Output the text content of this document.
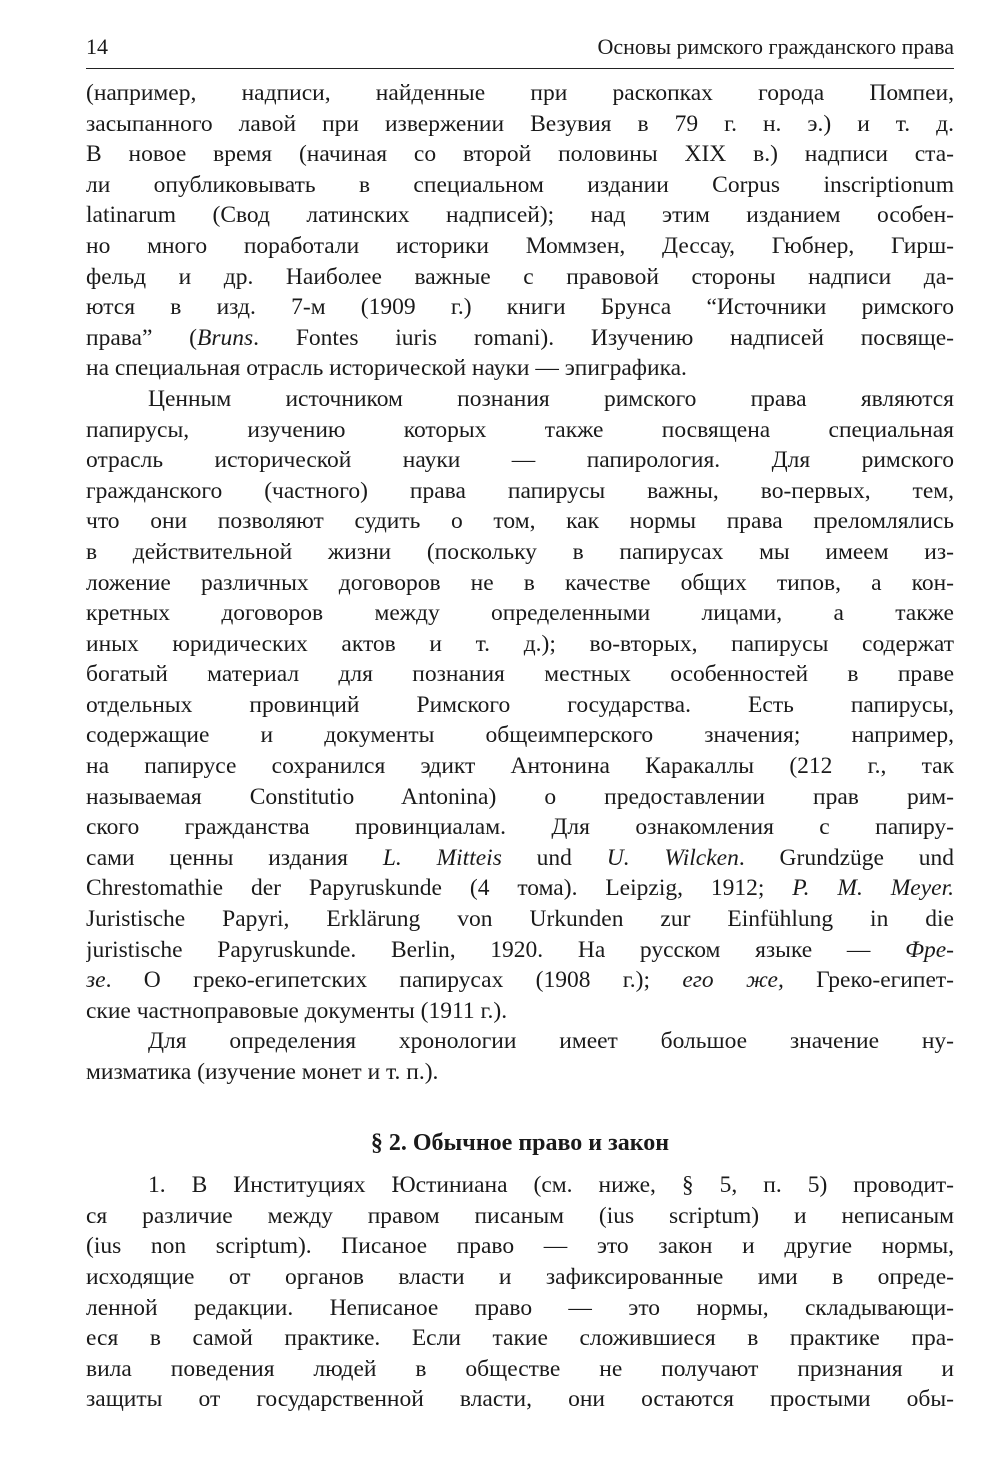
14	Основы римского гражданского права
(например, надписи, найденные при раскопках города Помпеи,
засыпанного лавой при извержении Везувия в 79 г. н. э.) и т. д.
В новое время (начиная со второй половины XIX в.) надписи ста-
ли опубликовывать в специальном издании Corpus inscriptionum
latinarum (Свод латинских надписей); над этим изданием особен-
но много поработали историки Моммзен, Дессау, Гюбнер, Гирш-
фельд и др. Наиболее важные с правовой стороны надписи да-
ются в изд. 7-м (1909 г.) книги Брунса “Источники римского
права” (Bruns. Fontes iuris romani). Изучению надписей посвяще-
на специальная отрасль исторической науки — эпиграфика.
Ценным источником познания римского права являются
папирусы, изучению которых также посвящена специальная
отрасль исторической науки — папирология. Для римского
гражданского (частного) права папирусы важны, во-первых, тем,
что они позволяют судить о том, как нормы права преломлялись
в действительной жизни (поскольку в папирусах мы имеем из-
ложение различных договоров не в качестве общих типов, а кон-
кретных договоров между определенными лицами, а также
иных юридических актов и т. д.); во-вторых, папирусы содержат
богатый материал для познания местных особенностей в праве
отдельных провинций Римского государства. Есть папирусы,
содержащие и документы общеимперского значения; например,
на папирусе сохранился эдикт Антонина Каракаллы (212 г., так
называемая Constitutio Antonina) о предоставлении прав рим-
ского гражданства провинциалам. Для ознакомления с папиру-
сами ценны издания L. Mitteis und U. Wilcken. Grundzüge und
Chrestomathie der Papyruskunde (4 тома). Leipzig, 1912; P. M. Meyer.
Juristische Papyri, Erklärung von Urkunden zur Einfühlung in die
juristische Papyruskunde. Berlin, 1920. На русском языке — Фре-
зе. О греко-египетских папирусах (1908 г.); его же, Греко-египет-
ские частноправовые документы (1911 г.).
Для определения хронологии имеет большое значение ну-
мизматика (изучение монет и т. п.).
§ 2. Обычное право и закон
1. В Институциях Юстиниана (см. ниже, § 5, п. 5) проводит-
ся различие между правом писаным (ius scriptum) и неписаным
(ius non scriptum). Писаное право — это закон и другие нормы,
исходящие от органов власти и зафиксированные ими в опреде-
ленной редакции. Неписаное право — это нормы, складывающи-
еся в самой практике. Если такие сложившиеся в практике пра-
вила поведения людей в обществе не получают признания и
защиты от государственной власти, они остаются простыми обы-
